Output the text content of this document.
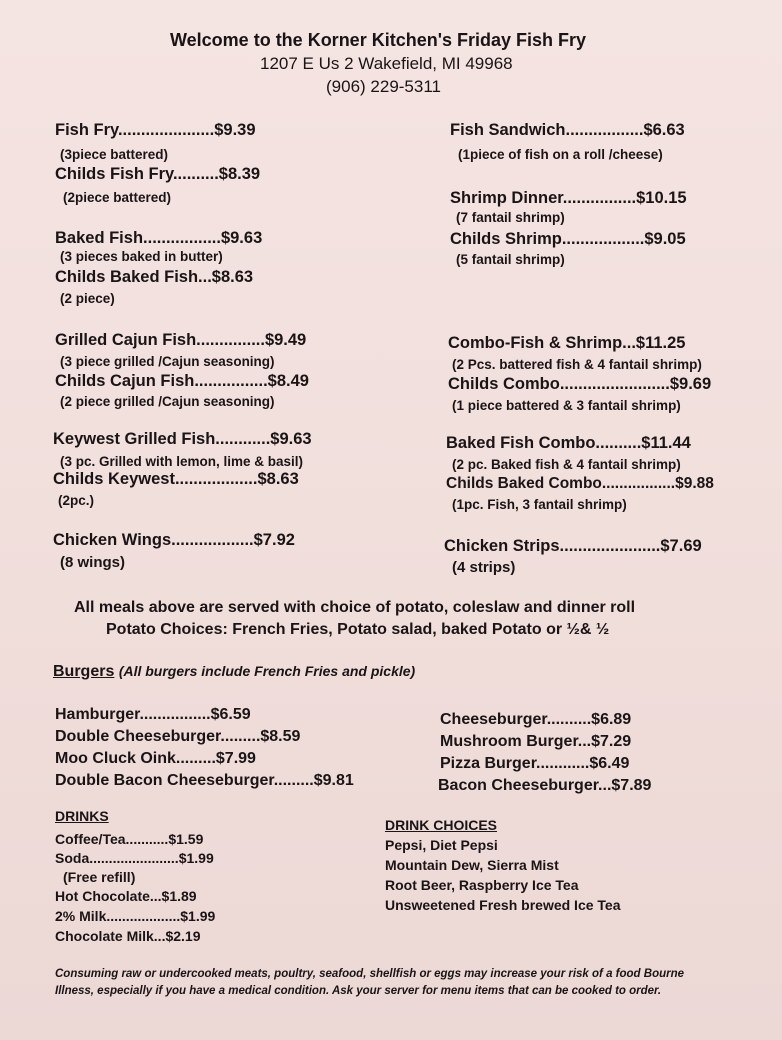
Welcome to the Korner Kitchen's Friday Fish Fry
1207 E Us 2 Wakefield, MI 49968
(906) 229-5311
Fish Fry.....................$9.39
(3piece battered)
Childs Fish Fry..........$8.39
(2piece battered)
Baked Fish.................$9.63
(3 pieces baked in butter)
Childs Baked Fish...$8.63
(2 piece)
Grilled Cajun Fish...............$9.49
(3 piece grilled /Cajun seasoning)
Childs Cajun Fish................$8.49
(2 piece grilled /Cajun seasoning)
Keywest Grilled Fish............$9.63
(3 pc. Grilled with lemon, lime & basil)
Childs Keywest..................$8.63
(2pc.)
Chicken Wings..................$7.92
(8 wings)
Fish Sandwich.................$6.63
(1piece of fish on a roll /cheese)
Shrimp Dinner................$10.15
(7 fantail shrimp)
Childs Shrimp..................$9.05
(5 fantail shrimp)
Combo-Fish & Shrimp...$11.25
(2 Pcs. battered fish & 4 fantail shrimp)
Childs Combo........................$9.69
(1 piece battered & 3 fantail shrimp)
Baked Fish Combo..........$11.44
(2 pc. Baked fish & 4 fantail shrimp)
Childs Baked Combo.................$9.88
(1pc. Fish, 3 fantail shrimp)
Chicken Strips......................$7.69
(4 strips)
All meals above are served with choice of potato, coleslaw and dinner roll
Potato Choices: French Fries, Potato salad, baked Potato or ½& ½
Burgers (All burgers include French Fries and pickle)
Hamburger................$6.59
Double Cheeseburger.........$8.59
Moo Cluck Oink.........$7.99
Double Bacon Cheeseburger.........$9.81
Cheeseburger..........$6.89
Mushroom Burger...$7.29
Pizza Burger............$6.49
Bacon Cheeseburger...$7.89
DRINKS
Coffee/Tea...........$1.59
Soda.......................$1.99
(Free refill)
Hot Chocolate...$1.89
2% Milk...................$1.99
Chocolate Milk...$2.19
DRINK CHOICES
Pepsi, Diet Pepsi
Mountain Dew, Sierra Mist
Root Beer, Raspberry Ice Tea
Unsweetened Fresh brewed Ice Tea
Consuming raw or undercooked meats, poultry, seafood, shellfish or eggs may increase your risk of a food Bourne
Illness, especially if you have a medical condition. Ask your server for menu items that can be cooked to order.
